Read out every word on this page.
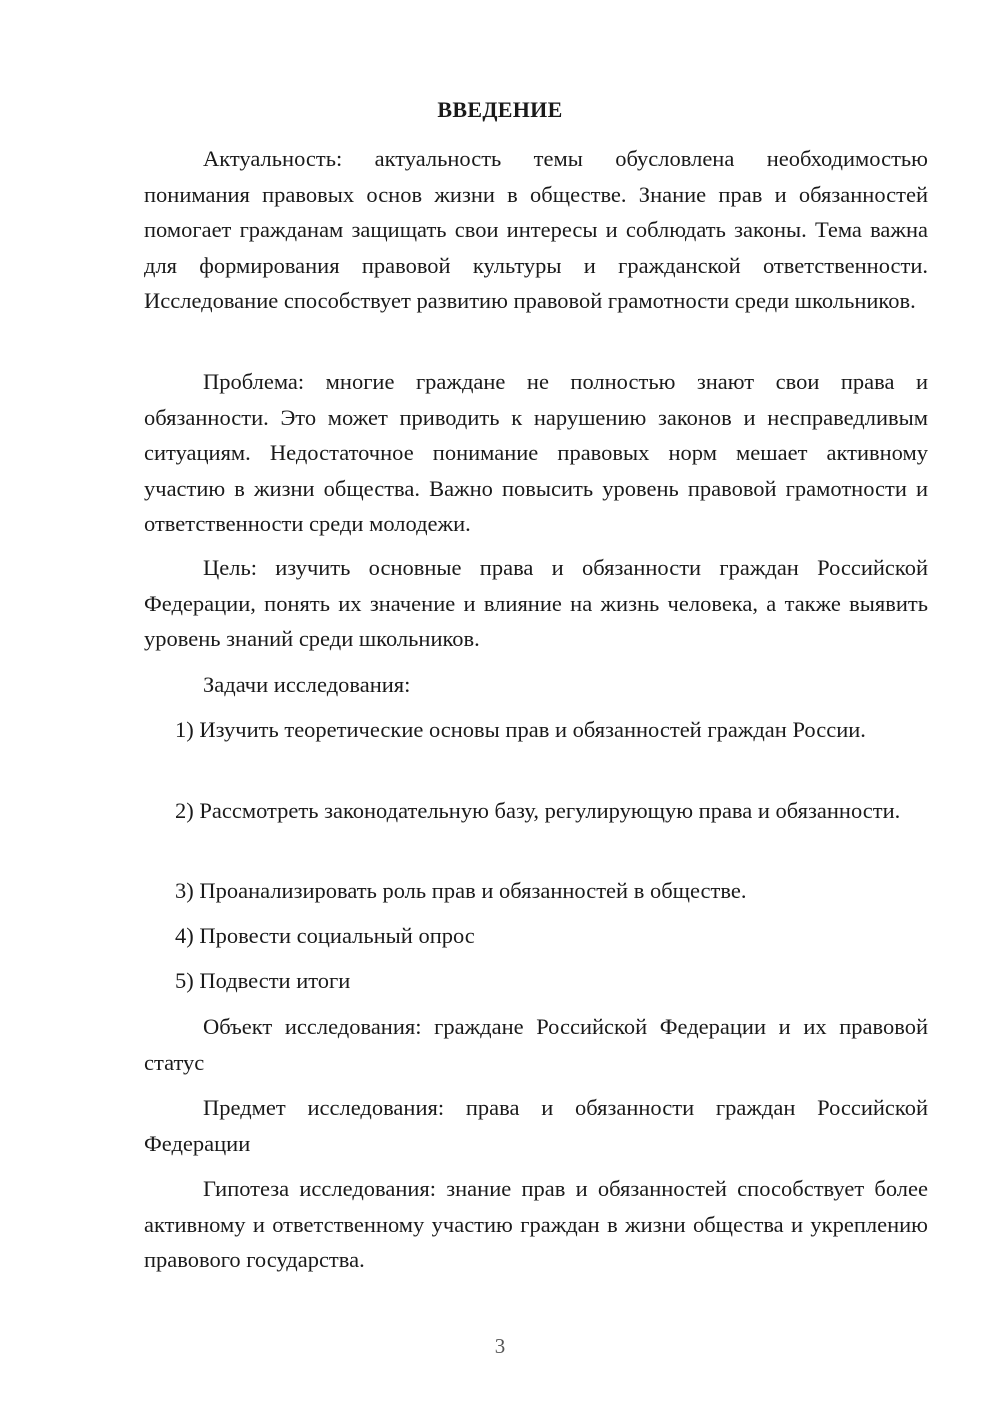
ВВЕДЕНИЕ

Актуальность: актуальность темы обусловлена необходимостью понимания правовых основ жизни в обществе. Знание прав и обязанностей помогает гражданам защищать свои интересы и соблюдать законы. Тема важна для формирования правовой культуры и гражданской ответственности. Исследование способствует развитию правовой грамотности среди школьников.

Проблема: многие граждане не полностью знают свои права и обязанности. Это может приводить к нарушению законов и несправедливым ситуациям. Недостаточное понимание правовых норм мешает активному участию в жизни общества. Важно повысить уровень правовой грамотности и ответственности среди молодежи.

Цель: изучить основные права и обязанности граждан Российской Федерации, понять их значение и влияние на жизнь человека, а также выявить уровень знаний среди школьников.

Задачи исследования:

1) Изучить теоретические основы прав и обязанностей граждан России.

2) Рассмотреть законодательную базу, регулирующую права и обязанности.

3) Проанализировать роль прав и обязанностей в обществе.

4) Провести социальный опрос

5) Подвести итоги

Объект исследования: граждане Российской Федерации и их правовой статус

Предмет исследования: права и обязанности граждан Российской Федерации

Гипотеза исследования: знание прав и обязанностей способствует более активному и ответственному участию граждан в жизни общества и укреплению правового государства.

3
